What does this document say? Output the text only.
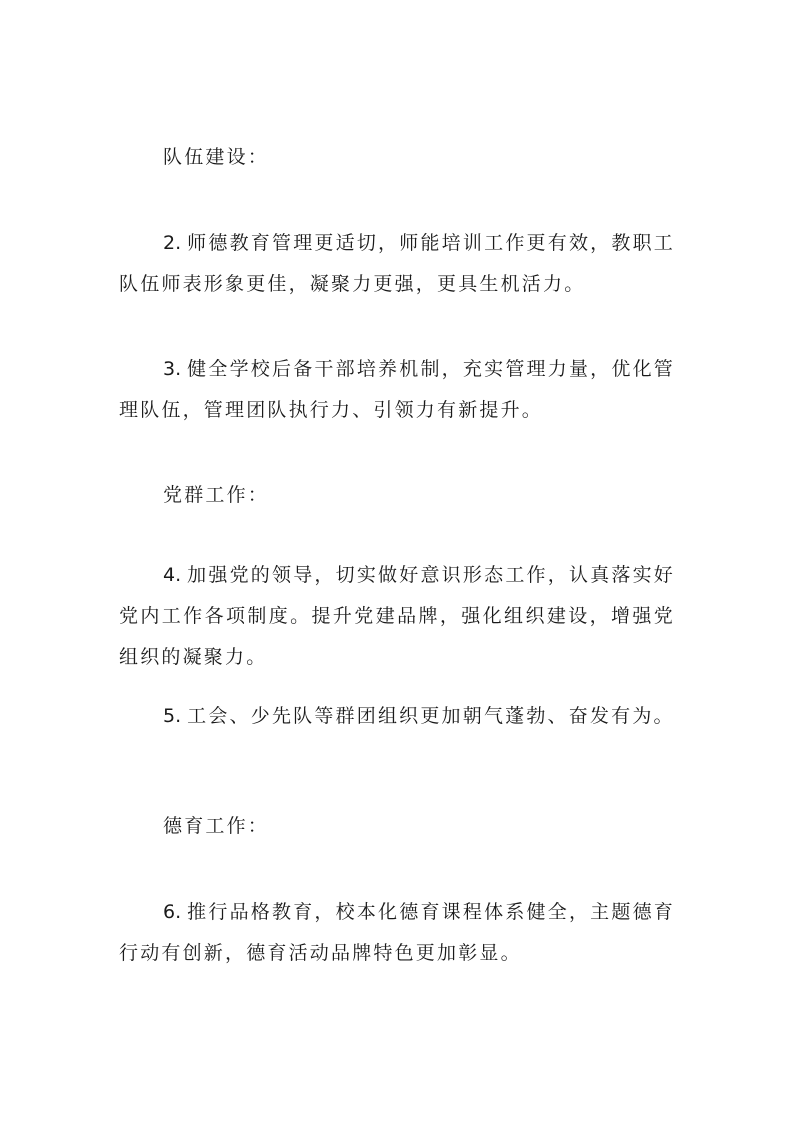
队伍建设：

2. 师德教育管理更适切，师能培训工作更有效，教职工队伍师表形象更佳，凝聚力更强，更具生机活力。

3. 健全学校后备干部培养机制，充实管理力量，优化管理队伍，管理团队执行力、引领力有新提升。

党群工作：

4. 加强党的领导，切实做好意识形态工作，认真落实好党内工作各项制度。提升党建品牌，强化组织建设，增强党组织的凝聚力。

5. 工会、少先队等群团组织更加朝气蓬勃、奋发有为。

德育工作：

6. 推行品格教育，校本化德育课程体系健全，主题德育行动有创新，德育活动品牌特色更加彰显。
